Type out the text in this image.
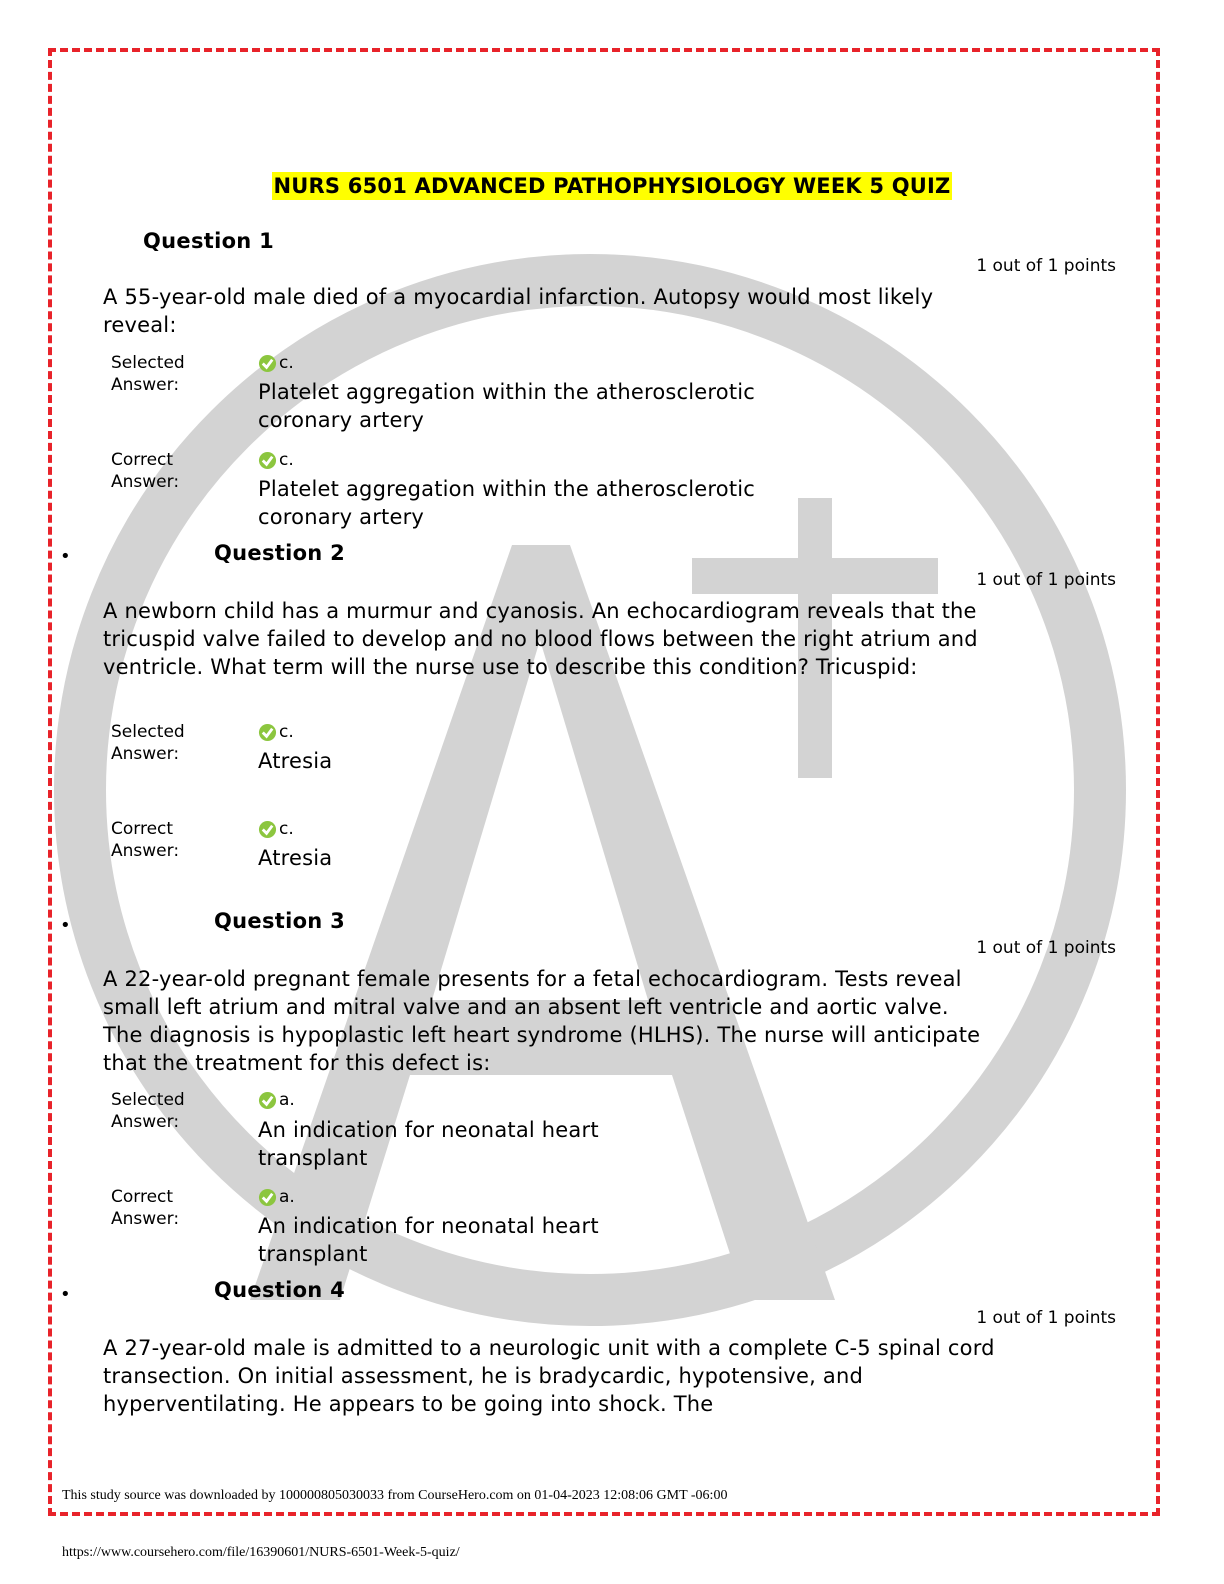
NURS 6501 ADVANCED PATHOPHYSIOLOGY WEEK 5 QUIZ
Question 1
1 out of 1 points
A 55-year-old male died of a myocardial infarction. Autopsy would most likely reveal:
Selected Answer:
c.
Platelet aggregation within the atherosclerotic coronary artery
Correct Answer:
c.
Platelet aggregation within the atherosclerotic coronary artery
•	Question 2
1 out of 1 points
A newborn child has a murmur and cyanosis. An echocardiogram reveals that the tricuspid valve failed to develop and no blood flows between the right atrium and ventricle. What term will the nurse use to describe this condition? Tricuspid:
Selected Answer:
c.
Atresia
Correct Answer:
c.
Atresia
•	Question 3
1 out of 1 points
A 22-year-old pregnant female presents for a fetal echocardiogram. Tests reveal small left atrium and mitral valve and an absent left ventricle and aortic valve. The diagnosis is hypoplastic left heart syndrome (HLHS). The nurse will anticipate that the treatment for this defect is:
Selected Answer:
a.
An indication for neonatal heart transplant
Correct Answer:
a.
An indication for neonatal heart transplant
•	Question 4
1 out of 1 points
A 27-year-old male is admitted to a neurologic unit with a complete C-5 spinal cord transection. On initial assessment, he is bradycardic, hypotensive, and hyperventilating. He appears to be going into shock. The
This study source was downloaded by 100000805030033 from CourseHero.com on 01-04-2023 12:08:06 GMT -06:00
https://www.coursehero.com/file/16390601/NURS-6501-Week-5-quiz/
